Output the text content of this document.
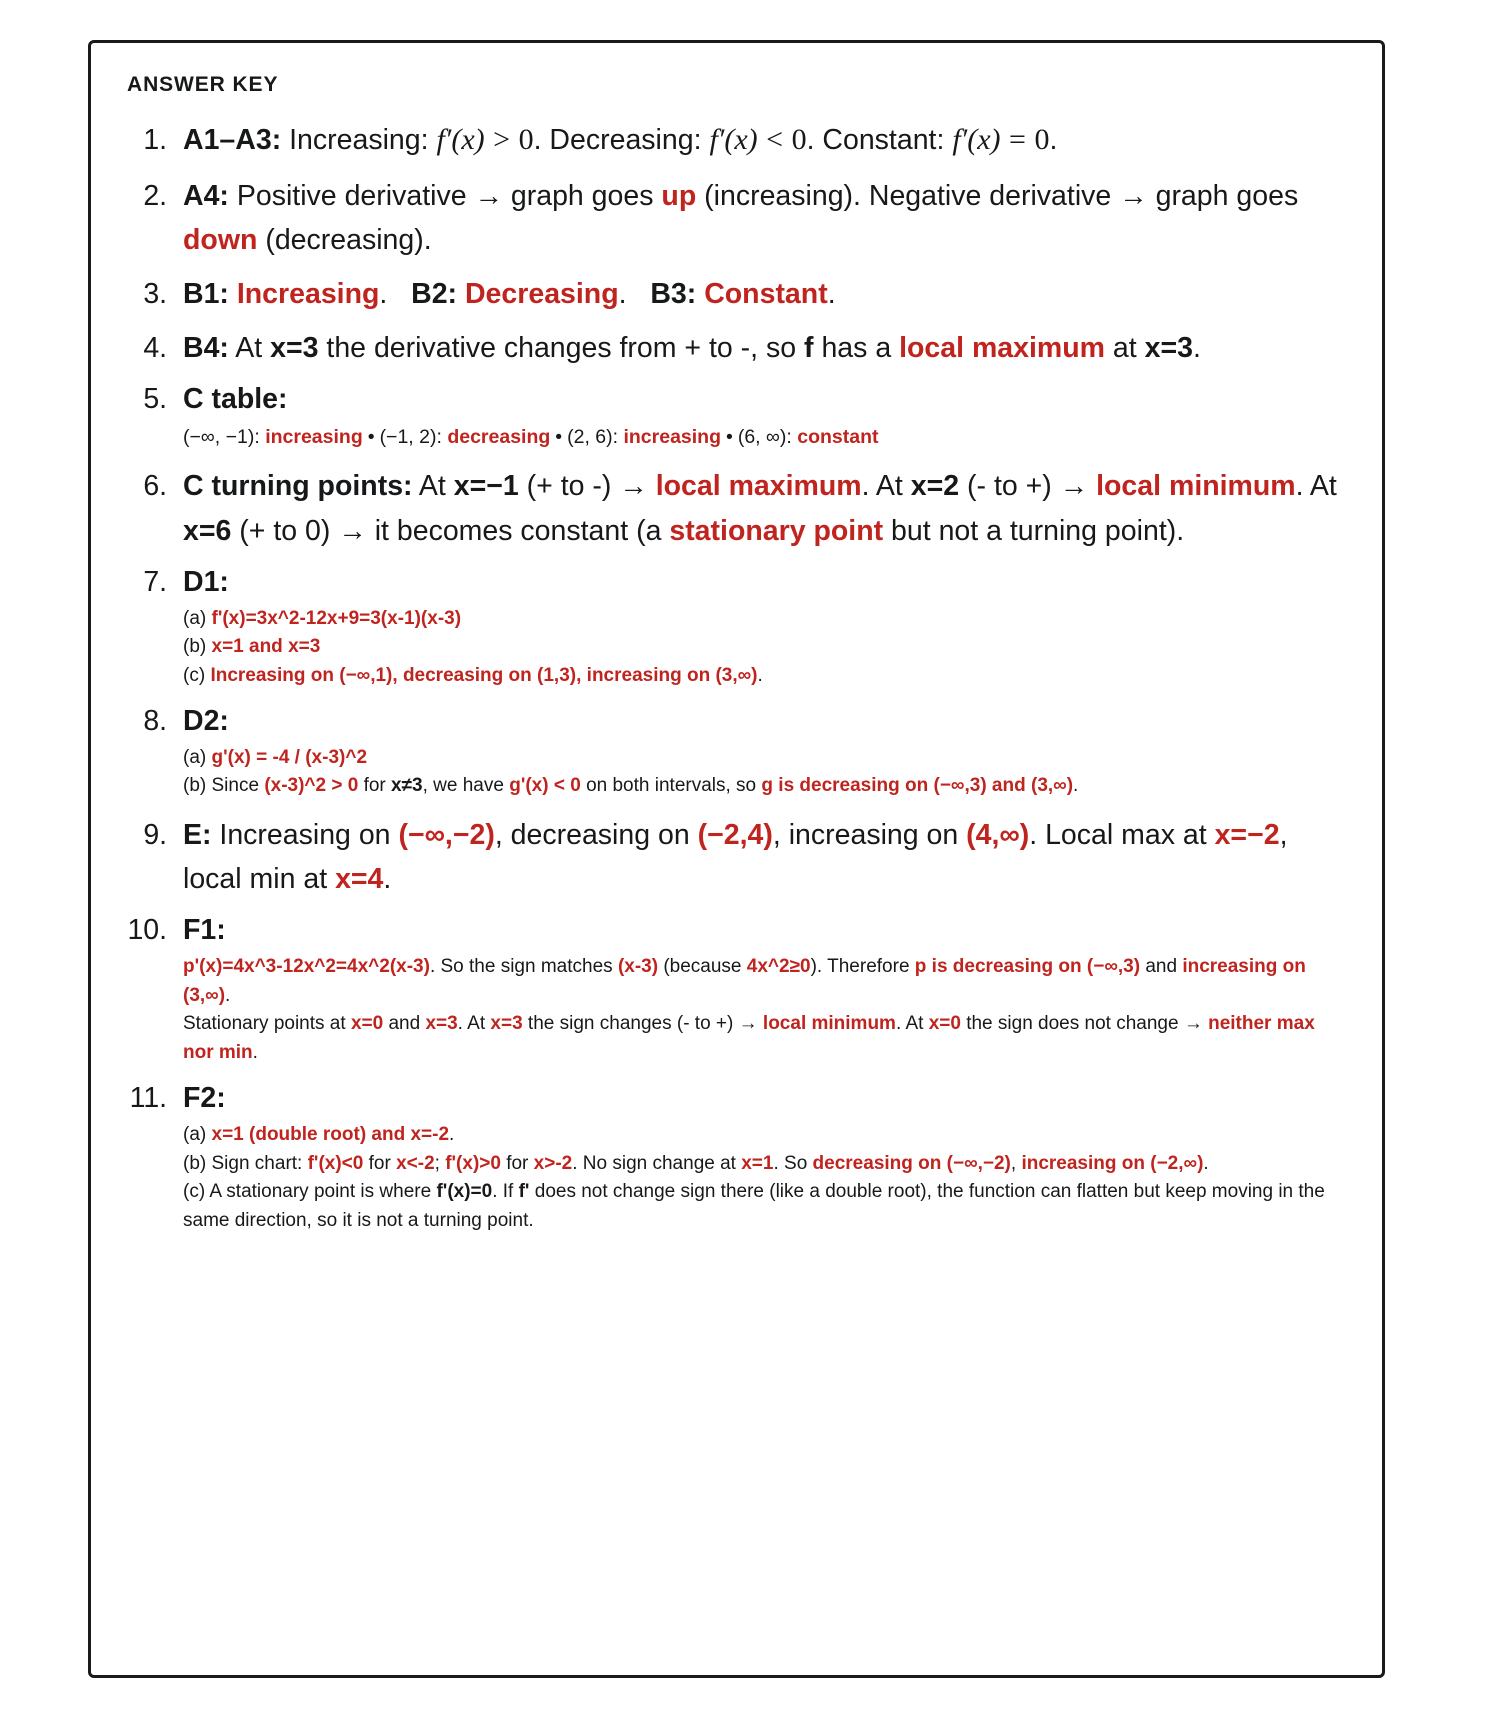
ANSWER KEY
1. A1–A3: Increasing: f′(x) > 0. Decreasing: f′(x) < 0. Constant: f′(x) = 0.
2. A4: Positive derivative → graph goes up (increasing). Negative derivative → graph goes down (decreasing).
3. B1: Increasing. B2: Decreasing. B3: Constant.
4. B4: At x=3 the derivative changes from + to -, so f has a local maximum at x=3.
5. C table:
(−∞, −1): increasing • (−1, 2): decreasing • (2, 6): increasing • (6, ∞): constant
6. C turning points: At x=−1 (+ to -) → local maximum. At x=2 (- to +) → local minimum. At x=6 (+ to 0) → it becomes constant (a stationary point but not a turning point).
7. D1:
(a) f'(x)=3x^2-12x+9=3(x-1)(x-3)
(b) x=1 and x=3
(c) Increasing on (−∞,1), decreasing on (1,3), increasing on (3,∞).
8. D2:
(a) g'(x) = -4 / (x-3)^2
(b) Since (x-3)^2 > 0 for x≠3, we have g'(x) < 0 on both intervals, so g is decreasing on (−∞,3) and (3,∞).
9. E: Increasing on (−∞,−2), decreasing on (−2,4), increasing on (4,∞). Local max at x=−2, local min at x=4.
10. F1:
p'(x)=4x^3-12x^2=4x^2(x-3). So the sign matches (x-3) (because 4x^2≥0). Therefore p is decreasing on (−∞,3) and increasing on (3,∞).
Stationary points at x=0 and x=3. At x=3 the sign changes (- to +) → local minimum. At x=0 the sign does not change → neither max nor min.
11. F2:
(a) x=1 (double root) and x=-2.
(b) Sign chart: f'(x)<0 for x<-2; f'(x)>0 for x>-2. No sign change at x=1. So decreasing on (−∞,−2), increasing on (−2,∞).
(c) A stationary point is where f'(x)=0. If f' does not change sign there (like a double root), the function can flatten but keep moving in the same direction, so it is not a turning point.
